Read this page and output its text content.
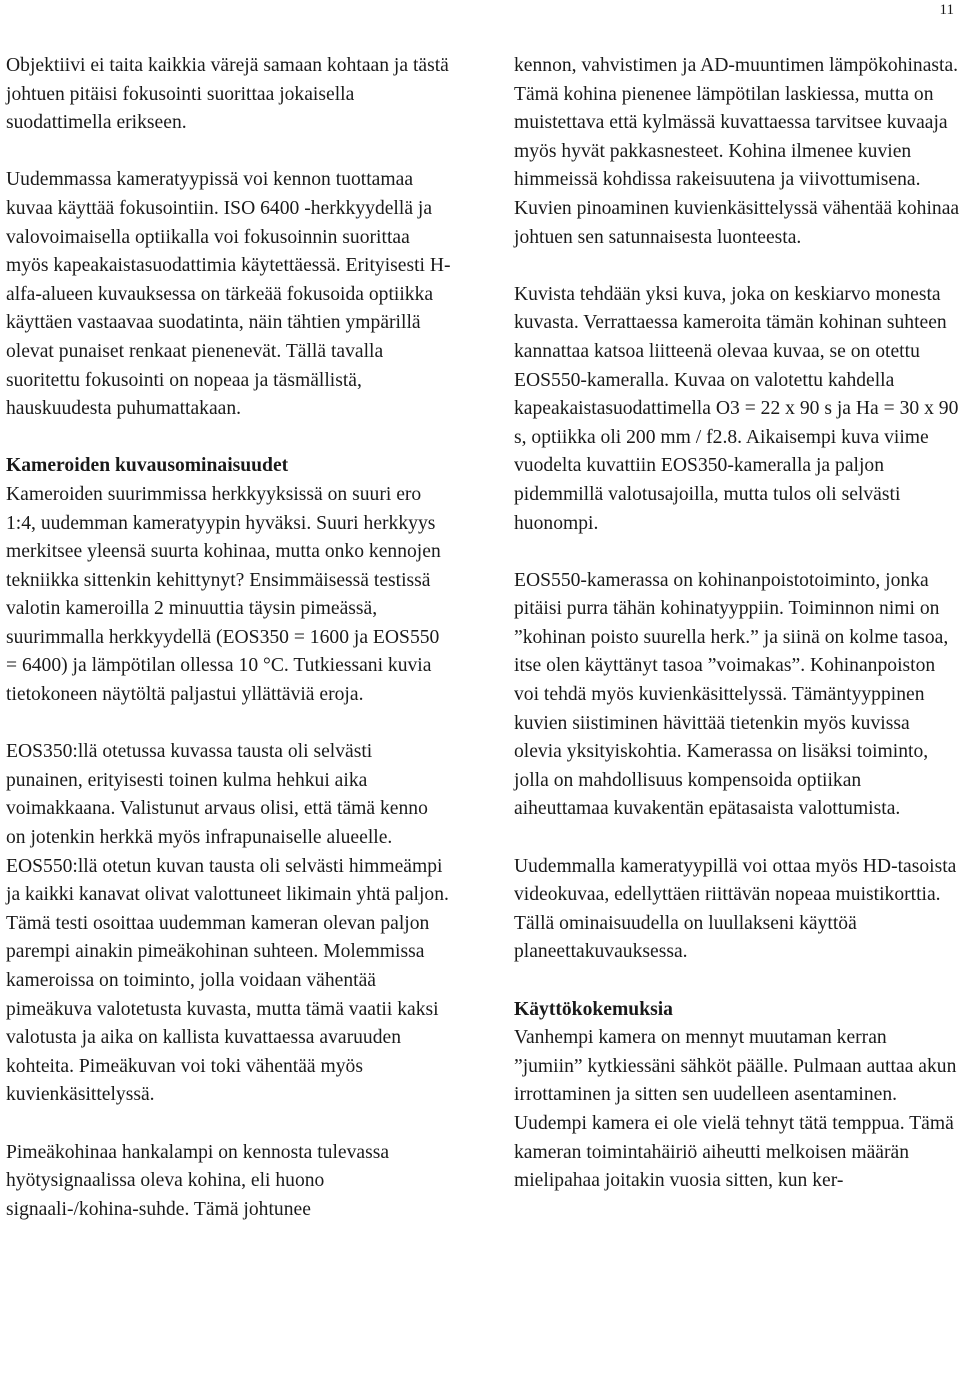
11

Objektiivi ei taita kaikkia värejä samaan kohtaan ja tästä johtuen pitäisi fokusointi suorittaa jokaisella suodattimella erikseen.

Uudemmassa kameratyypissä voi kennon tuottamaa kuvaa käyttää fokusointiin. ISO 6400 -herkkyydellä ja valovoimaisella optiikalla voi fokusoinnin suorittaa myös kapeakaistasuodattimia käytettäessä. Erityisesti H-alfa-alueen kuvauksessa on tärkeää fokusoida optiikka käyttäen vastaavaa suodatinta, näin tähtien ympärillä olevat punaiset renkaat pienenevät. Tällä tavalla suoritettu fokusointi on nopeaa ja täsmällistä, hauskuudesta puhumattakaan.

Kameroiden kuvausominaisuudet

Kameroiden suurimmissa herkkyyksissä on suuri ero 1:4, uudemman kameratyypin hyväksi. Suuri herkkyys merkitsee yleensä suurta kohinaa, mutta onko kennojen tekniikka sittenkin kehittynyt? Ensimmäisessä testissä valotin kameroilla 2 minuuttia täysin pimeässä, suurimmalla herkkyydellä (EOS350 = 1600 ja EOS550 = 6400) ja lämpötilan ollessa 10 °C. Tutkiessani kuvia tietokoneen näytöltä paljastui yllättäviä eroja.

EOS350:llä otetussa kuvassa tausta oli selvästi punainen, erityisesti toinen kulma hehkui aika voimakkaana. Valistunut arvaus olisi, että tämä kenno on jotenkin herkkä myös infrapunaiselle alueelle. EOS550:llä otetun kuvan tausta oli selvästi himmeämpi ja kaikki kanavat olivat valottuneet likimain yhtä paljon. Tämä testi osoittaa uudemman kameran olevan paljon parempi ainakin pimeäkohinan suhteen. Molemmissa kameroissa on toiminto, jolla voidaan vähentää pimeäkuva valotetusta kuvasta, mutta tämä vaatii kaksi valotusta ja aika on kallista kuvattaessa avaruuden kohteita. Pimeäkuvan voi toki vähentää myös kuvienkäsittelyssä.

Pimeäkohinaa hankalampi on kennosta tulevassa hyötysignaalissa oleva kohina, eli huono signaali-/kohina-suhde. Tämä johtunee

kennon, vahvistimen ja AD-muuntimen lämpökohinasta. Tämä kohina pienenee lämpötilan laskiessa, mutta on muistettava että kylmässä kuvattaessa tarvitsee kuvaaja myös hyvät pakkasnesteet. Kohina ilmenee kuvien himmeissä kohdissa rakeisuutena ja viivottumisena. Kuvien pinoaminen kuvienkäsittelyssä vähentää kohinaa johtuen sen satunnaisesta luonteesta.

Kuvista tehdään yksi kuva, joka on keskiarvo monesta kuvasta. Verrattaessa kameroita tämän kohinan suhteen kannattaa katsoa liitteenä olevaa kuvaa, se on otettu EOS550-kameralla. Kuvaa on valotettu kahdella kapeakaistasuodattimella O3 = 22 x 90 s ja Ha = 30 x 90 s, optiikka oli 200 mm / f2.8. Aikaisempi kuva viime vuodelta kuvattiin EOS350-kameralla ja paljon pidemmillä valotusajoilla, mutta tulos oli selvästi huonompi.

EOS550-kamerassa on kohinanpoistotoiminto, jonka pitäisi purra tähän kohinatyyppiin. Toiminnon nimi on ”kohinan poisto suurella herk.” ja siinä on kolme tasoa, itse olen käyttänyt tasoa ”voimakas”. Kohinanpoiston voi tehdä myös kuvienkäsittelyssä. Tämäntyyppinen kuvien siistiminen hävittää tietenkin myös kuvissa olevia yksityiskohtia. Kamerassa on lisäksi toiminto, jolla on mahdollisuus kompensoida optiikan aiheuttamaa kuvakentän epätasaista valottumista.

Uudemmalla kameratyypillä voi ottaa myös HD-tasoista videokuvaa, edellyttäen riittävän nopeaa muistikorttia. Tällä ominaisuudella on luullakseni käyttöä planeettakuvauksessa.

Käyttökokemuksia

Vanhempi kamera on mennyt muutaman kerran ”jumiin” kytkiessäni sähköt päälle. Pulmaan auttaa akun irrottaminen ja sitten sen uudelleen asentaminen. Uudempi kamera ei ole vielä tehnyt tätä temppua. Tämä kameran toimintahäiriö aiheutti melkoisen määrän mielipahaa joitakin vuosia sitten, kun ker-
